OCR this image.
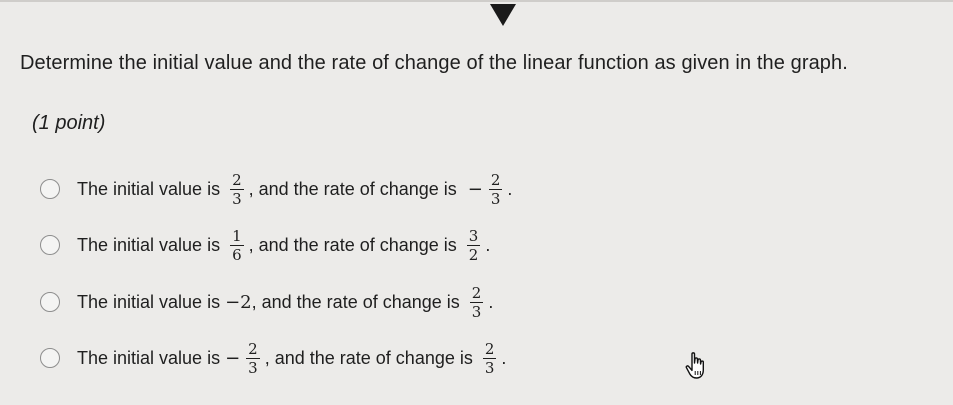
Determine the initial value and the rate of change of the linear function as given in the graph.
(1 point)
The initial value is $\frac{2}{3}$ , and the rate of change is − $\frac{2}{3}$ .
The initial value is $\frac{1}{6}$ , and the rate of change is $\frac{3}{2}$ .
The initial value is −2 , and the rate of change is $\frac{2}{3}$ .
The initial value is − $\frac{2}{3}$ , and the rate of change is $\frac{2}{3}$ .
